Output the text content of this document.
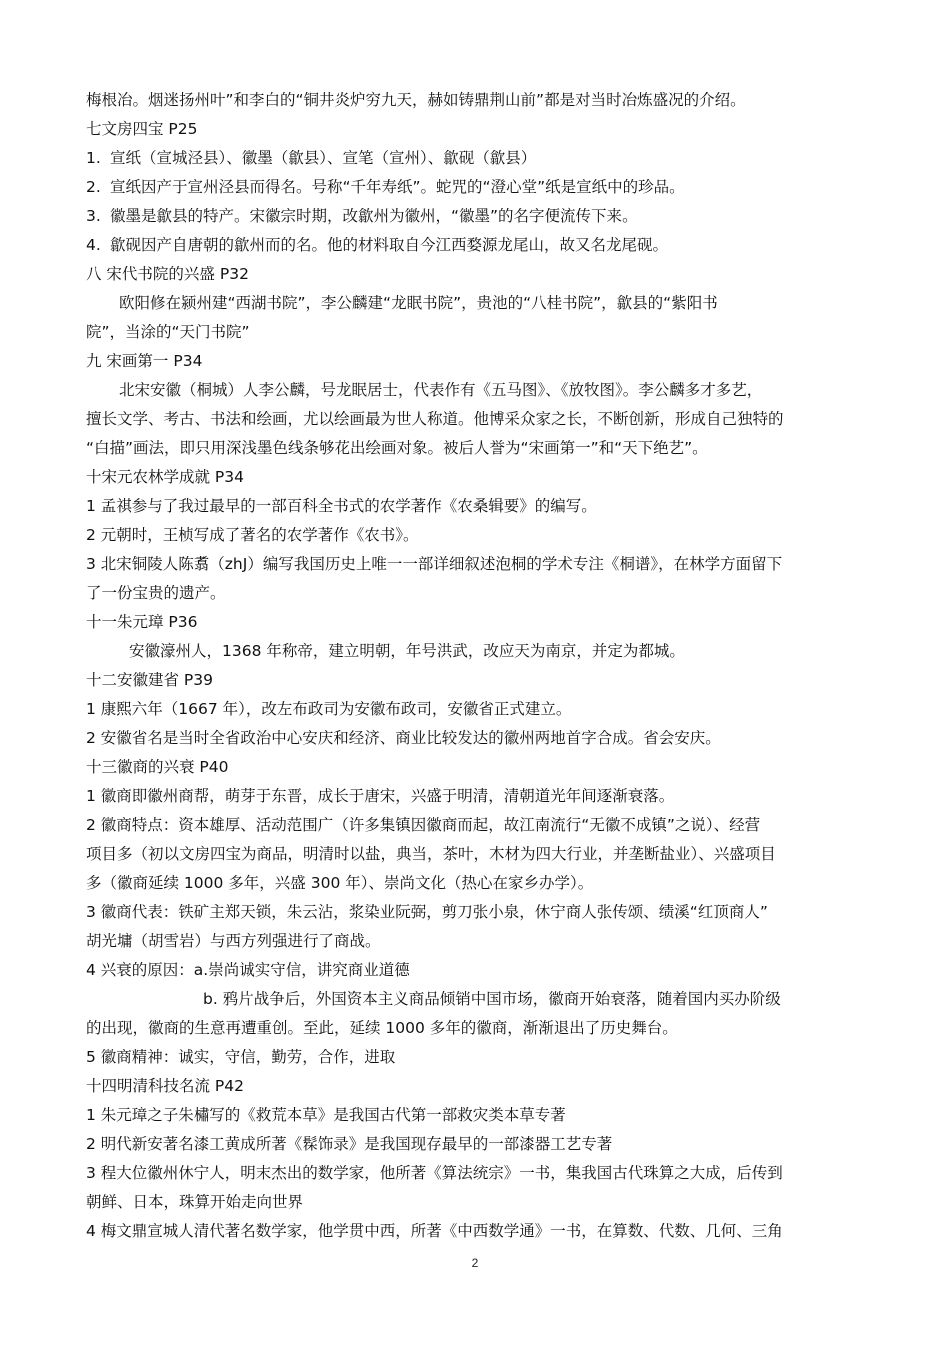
梅根冶。烟迷扬州叶”和李白的“铜井炎炉穷九天，赫如铸鼎荆山前”都是对当时冶炼盛况的介绍。
七文房四宝 P25
1. 宣纸（宣城泾县）、徽墨（歙县）、宣笔（宣州）、歙砚（歙县）
2. 宣纸因产于宣州泾县而得名。号称“千年寿纸”。蛇咒的“澄心堂”纸是宣纸中的珍品。
3. 徽墨是歙县的特产。宋徽宗时期，改歙州为徽州，“徽墨”的名字便流传下来。
4. 歙砚因产自唐朝的歙州而的名。他的材料取自今江西婺源龙尾山，故又名龙尾砚。
八 宋代书院的兴盛 P32
欧阳修在颍州建“西湖书院”，李公麟建“龙眠书院”，贵池的“八桂书院”，歙县的“紫阳书
院”，当涂的“天门书院”
九 宋画第一 P34
北宋安徽（桐城）人李公麟，号龙眠居士，代表作有《五马图》、《放牧图》。李公麟多才多艺，
擅长文学、考古、书法和绘画，尤以绘画最为世人称道。他博采众家之长，不断创新，形成自己独特的
“白描”画法，即只用深浅墨色线条够花出绘画对象。被后人誉为“宋画第一”和“天下绝艺”。
十宋元农林学成就 P34
1 孟祺参与了我过最早的一部百科全书式的农学著作《农桑辑要》的编写。
2 元朝时，王桢写成了著名的农学著作《农书》。
3 北宋铜陵人陈翥（zhJ）编写我国历史上唯一一部详细叙述泡桐的学术专注《桐谱》，在林学方面留下
了一份宝贵的遗产。
十一朱元璋 P36
安徽濠州人，1368 年称帝，建立明朝，年号洪武，改应天为南京，并定为都城。
十二安徽建省 P39
1 康熙六年（1667 年），改左布政司为安徽布政司，安徽省正式建立。
2 安徽省名是当时全省政治中心安庆和经济、商业比较发达的徽州两地首字合成。省会安庆。
十三徽商的兴衰 P40
1 徽商即徽州商帮，萌芽于东晋，成长于唐宋，兴盛于明清，清朝道光年间逐渐衰落。
2 徽商特点：资本雄厚、活动范围广（许多集镇因徽商而起，故江南流行“无徽不成镇”之说）、经营
项目多（初以文房四宝为商品，明清时以盐，典当，茶叶，木材为四大行业，并垄断盐业）、兴盛项目
多（徽商延续 1000 多年，兴盛 300 年）、崇尚文化（热心在家乡办学）。
3 徽商代表：铁矿主郑天锁，朱云沾，浆染业阮弼，剪刀张小泉，休宁商人张传颂、绩溪“红顶商人”
胡光墉（胡雪岩）与西方列强进行了商战。
4 兴衰的原因：a.崇尚诚实守信，讲究商业道德
b. 鸦片战争后，外国资本主义商品倾销中国市场，徽商开始衰落，随着国内买办阶级
的出现，徽商的生意再遭重创。至此，延续 1000 多年的徽商，渐渐退出了历史舞台。
5 徽商精神：诚实，守信，勤劳，合作，进取
十四明清科技名流 P42
1 朱元璋之子朱橚写的《救荒本草》是我国古代第一部救灾类本草专著
2 明代新安著名漆工黄成所著《髹饰录》是我国现存最早的一部漆器工艺专著
3 程大位徽州休宁人，明末杰出的数学家，他所著《算法统宗》一书，集我国古代珠算之大成，后传到
朝鲜、日本，珠算开始走向世界
4 梅文鼎宣城人清代著名数学家，他学贯中西，所著《中西数学通》一书，在算数、代数、几何、三角
2
